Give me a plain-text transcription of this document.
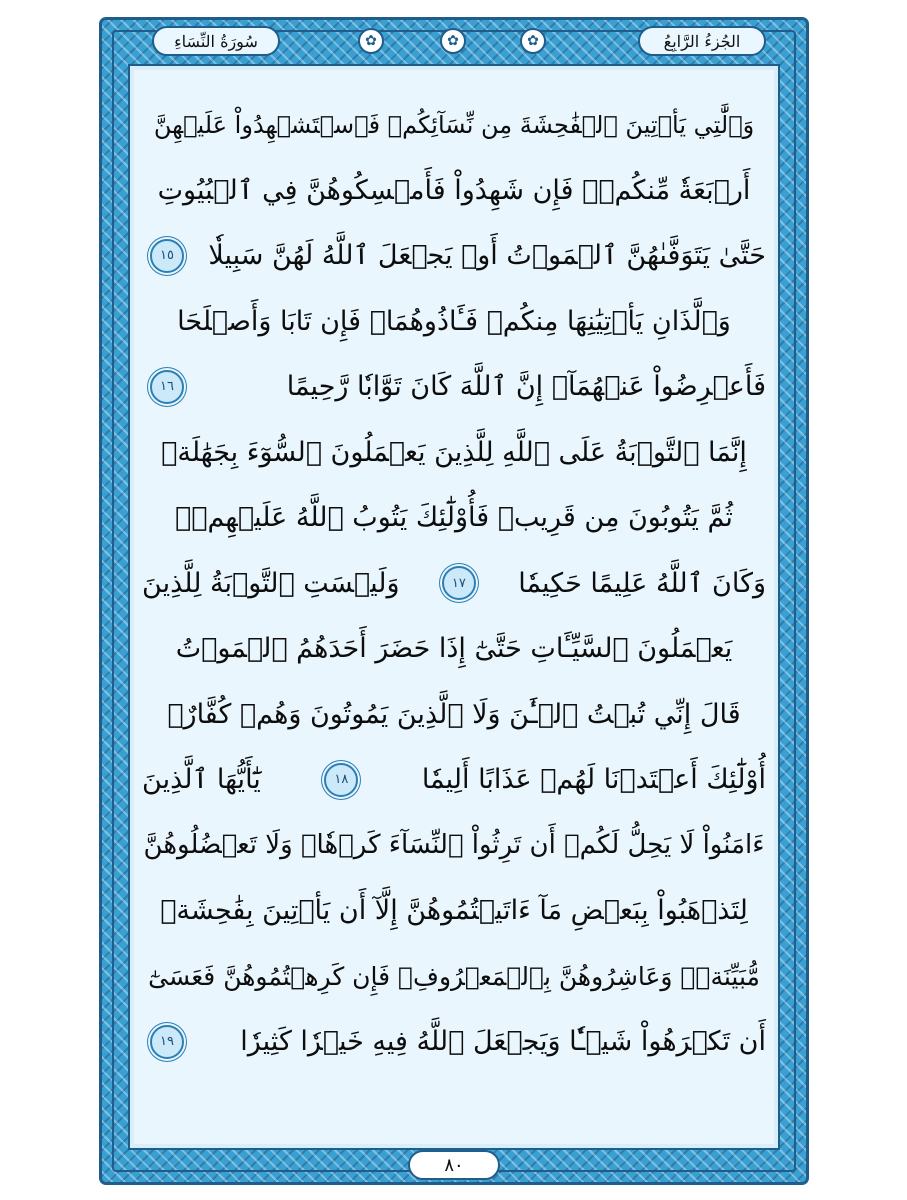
الجُزءُ الرَّابِعُ
سُورَةُ النِّسَاءِ	✿	✿	✿
وَٱلَّٰتِي يَأۡتِينَ ٱلۡفَٰحِشَةَ مِن نِّسَآئِكُمۡ فَٱسۡتَشۡهِدُواْ عَلَيۡهِنَّ
أَرۡبَعَةٗ مِّنكُمۡۖ فَإِن شَهِدُواْ فَأَمۡسِكُوهُنَّ فِي ٱلۡبُيُوتِ
حَتَّىٰ يَتَوَفَّىٰهُنَّ ٱلۡمَوۡتُ أَوۡ يَجۡعَلَ ٱللَّهُ لَهُنَّ سَبِيلٗا
١٥
وَٱلَّذَانِ يَأۡتِيَٰنِهَا مِنكُمۡ فَـَٔاذُوهُمَاۖ فَإِن تَابَا وَأَصۡلَحَا
فَأَعۡرِضُواْ عَنۡهُمَآۗ إِنَّ ٱللَّهَ كَانَ تَوَّابٗا رَّحِيمًا
١٦
إِنَّمَا ٱلتَّوۡبَةُ عَلَى ٱللَّهِ لِلَّذِينَ يَعۡمَلُونَ ٱلسُّوٓءَ بِجَهَٰلَةٖ
ثُمَّ يَتُوبُونَ مِن قَرِيبٖ فَأُوْلَٰٓئِكَ يَتُوبُ ٱللَّهُ عَلَيۡهِمۡۗ
وَكَانَ ٱللَّهُ عَلِيمًا حَكِيمٗا
١٧
وَلَيۡسَتِ ٱلتَّوۡبَةُ لِلَّذِينَ
يَعۡمَلُونَ ٱلسَّيِّـَٔاتِ حَتَّىٰٓ إِذَا حَضَرَ أَحَدَهُمُ ٱلۡمَوۡتُ
قَالَ إِنِّي تُبۡتُ ٱلۡـَٰٔنَ وَلَا ٱلَّذِينَ يَمُوتُونَ وَهُمۡ كُفَّارٌۚ
أُوْلَٰٓئِكَ أَعۡتَدۡنَا لَهُمۡ عَذَابًا أَلِيمٗا
١٨
يَٰٓأَيُّهَا ٱلَّذِينَ
ءَامَنُواْ لَا يَحِلُّ لَكُمۡ أَن تَرِثُواْ ٱلنِّسَآءَ كَرۡهٗاۖ وَلَا تَعۡضُلُوهُنَّ
لِتَذۡهَبُواْ بِبَعۡضِ مَآ ءَاتَيۡتُمُوهُنَّ إِلَّآ أَن يَأۡتِينَ بِفَٰحِشَةٖ
مُّبَيِّنَةٖۚ وَعَاشِرُوهُنَّ بِٱلۡمَعۡرُوفِۚ فَإِن كَرِهۡتُمُوهُنَّ فَعَسَىٰٓ
أَن تَكۡرَهُواْ شَيۡـٔٗا وَيَجۡعَلَ ٱللَّهُ فِيهِ خَيۡرٗا كَثِيرٗا
١٩
٨٠
